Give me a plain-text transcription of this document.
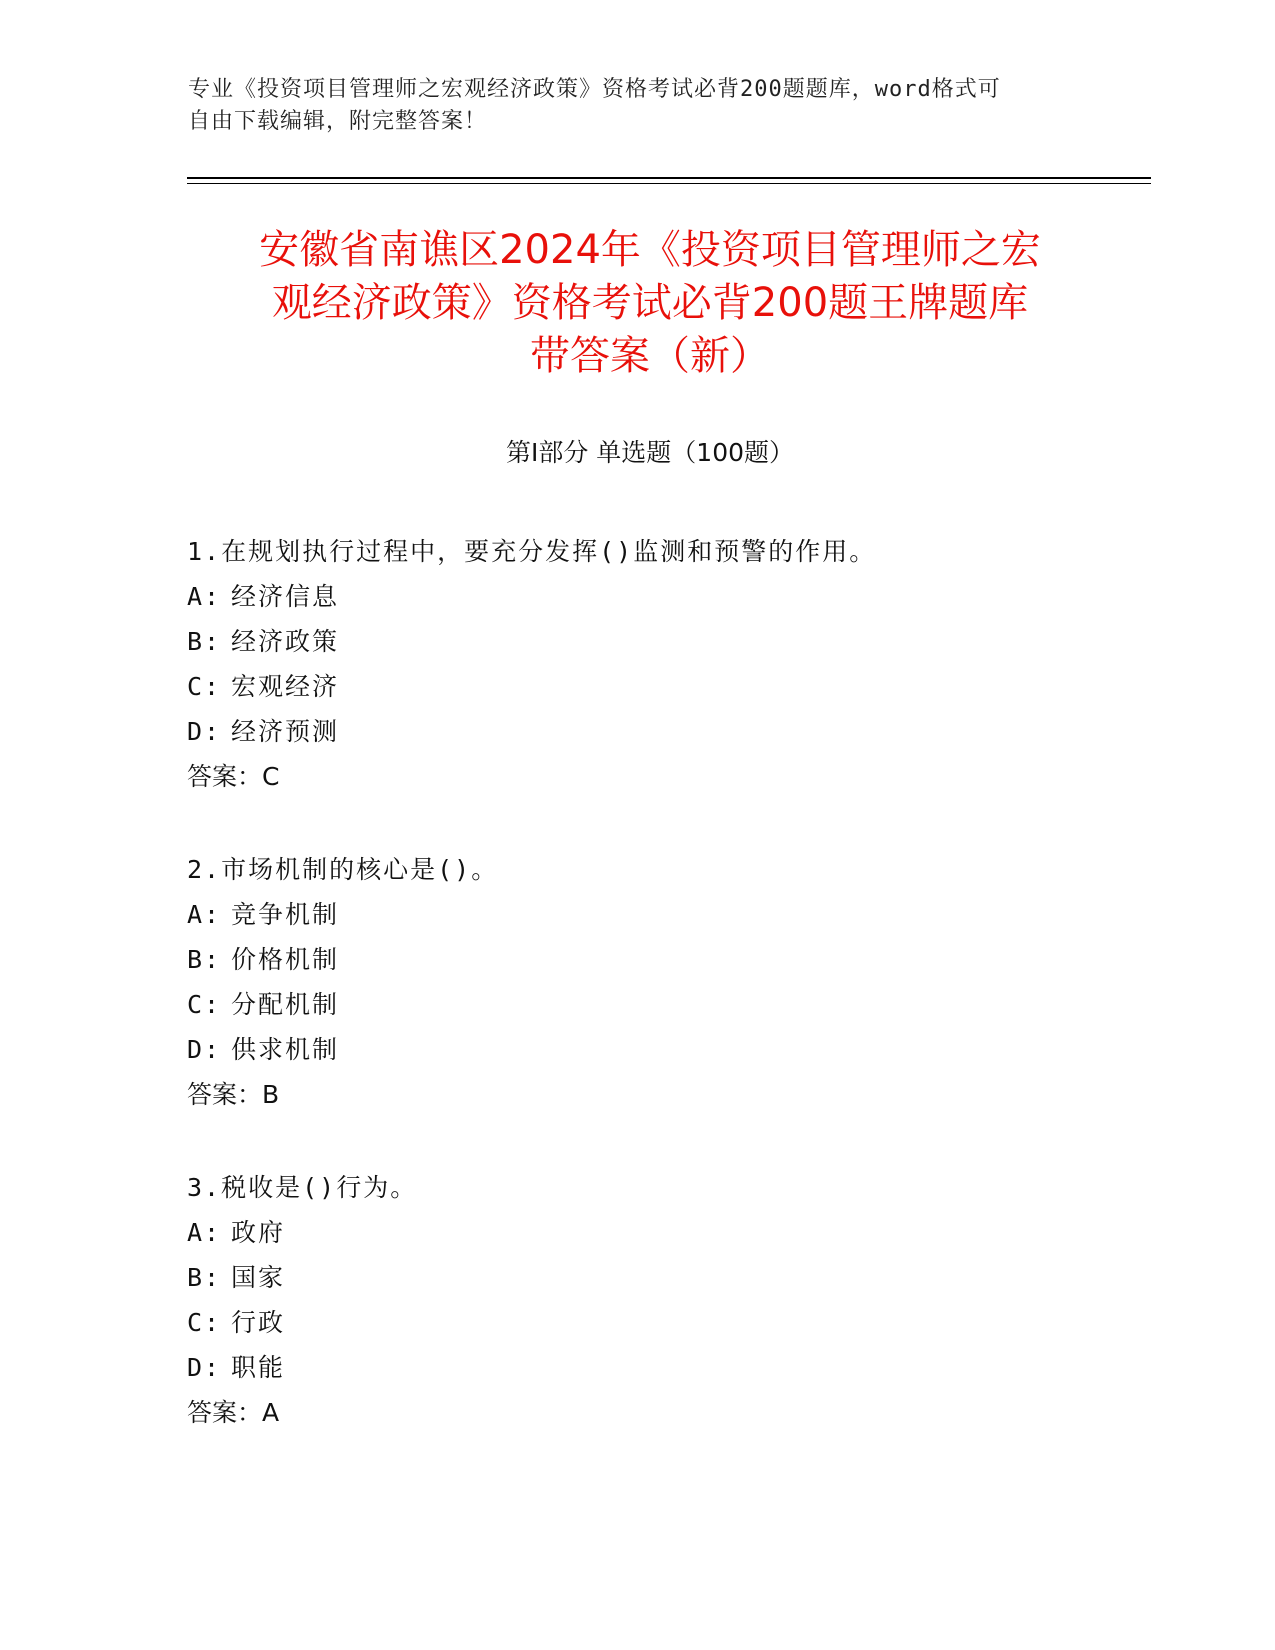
专业《投资项目管理师之宏观经济政策》资格考试必背200题题库，word格式可
自由下载编辑，附完整答案！
安徽省南谯区2024年《投资项目管理师之宏
观经济政策》资格考试必背200题王牌题库
带答案（新）
第Ⅰ部分 单选题（100题）
1.在规划执行过程中，要充分发挥()监测和预警的作用。
A: 经济信息
B: 经济政策
C: 宏观经济
D: 经济预测
答案：C
2.市场机制的核心是()。
A: 竞争机制
B: 价格机制
C: 分配机制
D: 供求机制
答案：B
3.税收是()行为。
A: 政府
B: 国家
C: 行政
D: 职能
答案：A
